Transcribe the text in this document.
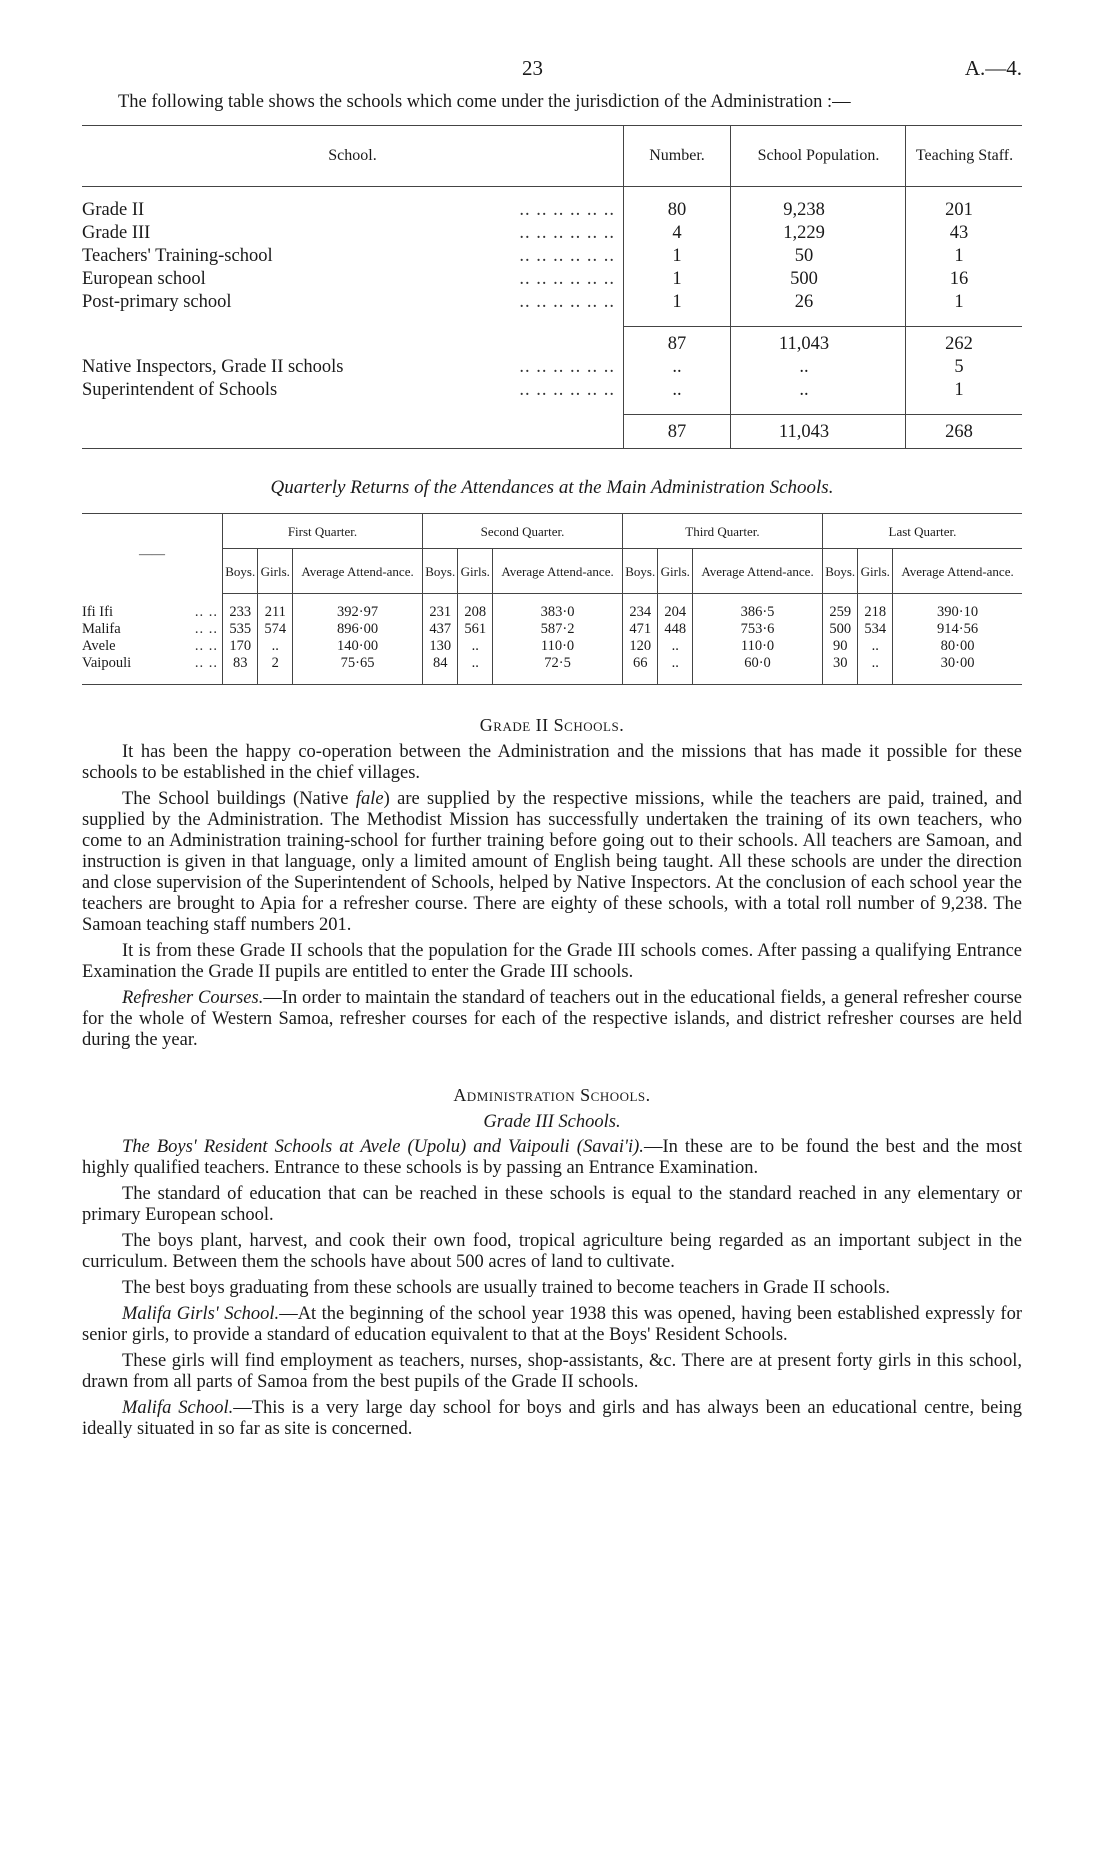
23	A.—4.
The following table shows the schools which come under the jurisdiction of the Administration :—
School.	Number.	School Population.	Teaching Staff.

Grade II .. .. .. .. .. ..	80	9,238	201

Grade III .. .. .. .. .. ..	4	1,229	43

Teachers' Training-school .. .. .. .. .. ..	1	50	1

European school .. .. .. .. .. ..	1	500	16

Post-primary school .. .. .. .. .. ..	1	26	1

	87	11,043	262

Native Inspectors, Grade II schools .. .. .. .. .. ..	..	..	5

Superintendent of Schools .. .. .. .. .. ..	..	..	1

	87	11,043	268
Quarterly Returns of the Attendances at the Main Administration Schools.
——	First Quarter.			Second Quarter.			Third Quarter.			Last Quarter.		
	Boys.	Girls.	Average Attend-ance.	Boys.	Girls.	Average Attend-ance.	Boys.	Girls.	Average Attend-ance.	Boys.	Girls.	Average Attend-ance.

Ifi Ifi .. ..	233	211	392·97	231	208	383·0	234	204	386·5	259	218	390·10

Malifa .. ..	535	574	896·00	437	561	587·2	471	448	753·6	500	534	914·56

Avele .. ..	170	..	140·00	130	..	110·0	120	..	110·0	90	..	80·00

Vaipouli .. ..	83	2	75·65	84	..	72·5	66	..	60·0	30	..	30·00
Grade II Schools.

It has been the happy co-operation between the Administration and the missions that has made it possible for these schools to be established in the chief villages.

The School buildings (Native fale) are supplied by the respective missions, while the teachers are paid, trained, and supplied by the Administration. The Methodist Mission has successfully undertaken the training of its own teachers, who come to an Administration training-school for further training before going out to their schools. All teachers are Samoan, and instruction is given in that language, only a limited amount of English being taught. All these schools are under the direction and close supervision of the Superintendent of Schools, helped by Native Inspectors. At the conclusion of each school year the teachers are brought to Apia for a refresher course. There are eighty of these schools, with a total roll number of 9,238. The Samoan teaching staff numbers 201.

It is from these Grade II schools that the population for the Grade III schools comes. After passing a qualifying Entrance Examination the Grade II pupils are entitled to enter the Grade III schools.

Refresher Courses.—In order to maintain the standard of teachers out in the educational fields, a general refresher course for the whole of Western Samoa, refresher courses for each of the respective islands, and district refresher courses are held during the year.

Administration Schools.
Grade III Schools.

The Boys' Resident Schools at Avele (Upolu) and Vaipouli (Savai'i).—In these are to be found the best and the most highly qualified teachers. Entrance to these schools is by passing an Entrance Examination.

The standard of education that can be reached in these schools is equal to the standard reached in any elementary or primary European school.

The boys plant, harvest, and cook their own food, tropical agriculture being regarded as an important subject in the curriculum. Between them the schools have about 500 acres of land to cultivate.

The best boys graduating from these schools are usually trained to become teachers in Grade II schools.

Malifa Girls' School.—At the beginning of the school year 1938 this was opened, having been established expressly for senior girls, to provide a standard of education equivalent to that at the Boys' Resident Schools.

These girls will find employment as teachers, nurses, shop-assistants, &c. There are at present forty girls in this school, drawn from all parts of Samoa from the best pupils of the Grade II schools.

Malifa School.—This is a very large day school for boys and girls and has always been an educational centre, being ideally situated in so far as site is concerned.
